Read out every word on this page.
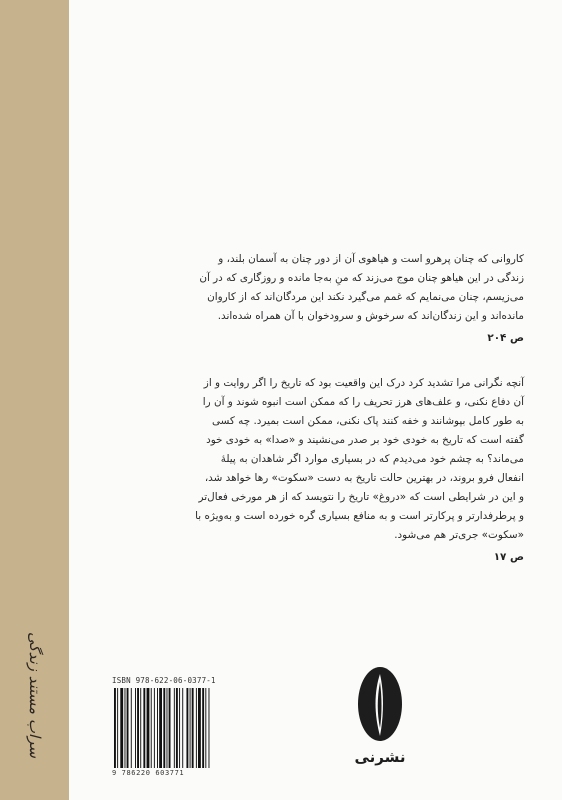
سراب مستند زندگی

کاروانی که چنان پرهرو است و هیاهوی آن از دور چنان به آسمان بلند، و

زندگی در این هیاهو چنان موج می‌زند که منِ به‌جا مانده و روزگاری که در آن

می‌زیسم، چنان می‌نمایم که غمم می‌گیرد نکند این مردگان‌اند که از کاروان

مانده‌اند و این زندگان‌اند که سرخوش و سرودخوان با آن همراه شده‌اند.

ص ۲۰۴

آنچه نگرانی مرا تشدید کرد درک این واقعیت بود که تاریخ را اگر روایت و از

آن دفاع نکنی، و علف‌های هرز تحریف را که ممکن است انبوه شوند و آن را

به طور کامل بپوشانند و خفه کنند پاک نکنی، ممکن است بمیرد. چه کسی

گفته است که تاریخ به خودی خود بر صدر می‌نشیند و «صدا» به خودی خود

می‌ماند؟ به چشم خود می‌دیدم که در بسیاری موارد اگر شاهدان به پیلهٔ

انفعال فرو بروند، در بهترین حالت تاریخ به دست «سکوت» رها خواهد شد،

و این در شرایطی است که «دروغ» تاریخ را نتویسد که از هر مورخی فعال‌تر

و پرطرفدارتر و پرکارتر است و به منافع بسیاری گره خورده است و به‌ویژه با

«سکوت» جری‌تر هم می‌شود.

ص ۱۷

ISBN 978-622-06-0377-1
9 786220 603771
نشرنی
